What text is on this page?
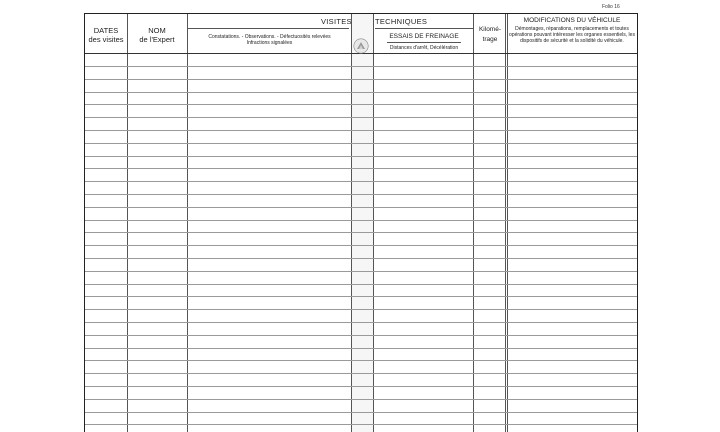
Folio 16
DATES
des visites
NOM
de l'Expert
VISITES	TECHNIQUES
Constatations. - Observations. - Défectuosités relevées
Infractions signalées
ESSAIS DE FREINAGE
Distances d'arrêt, Décélération
Kilomé-
trage
MODIFICATIONS DU VÉHICULE
Démontages, réparations, remplacements et toutes opérations pouvant intéresser les organes essentiels, les dispositifs de sécurité et la solidité du véhicule.
